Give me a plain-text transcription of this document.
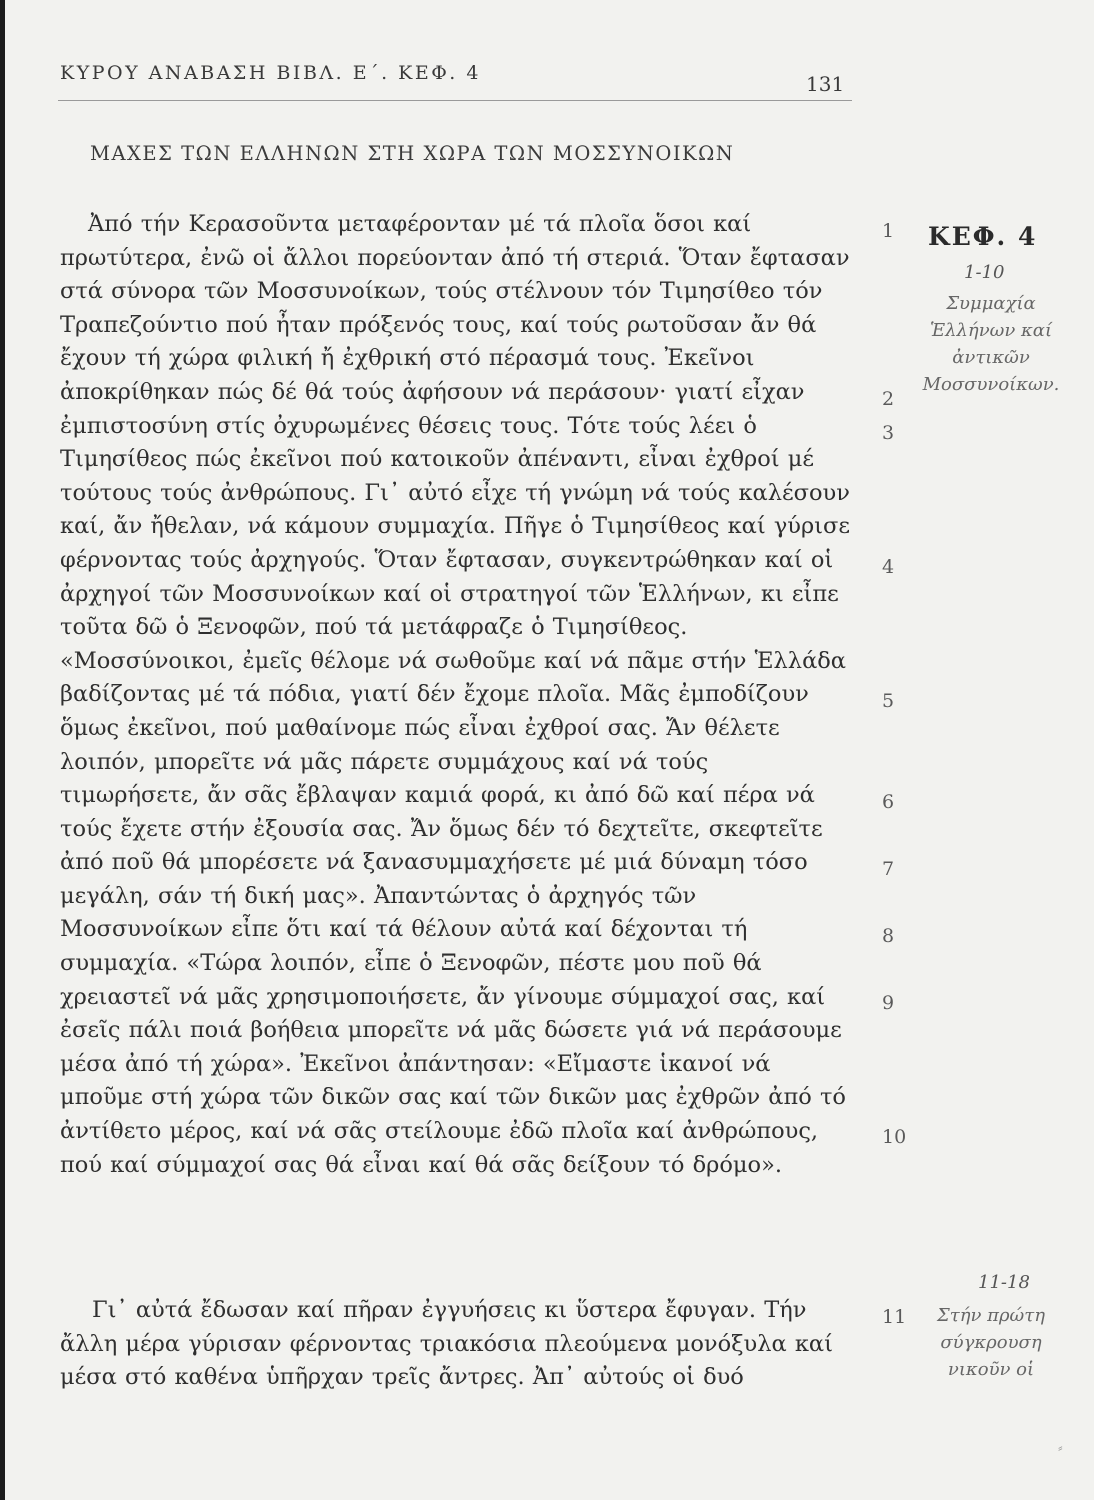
ΚΥΡΟΥ ΑΝΑΒΑΣΗ ΒΙΒΛ. Ε΄. ΚΕΦ. 4	131
ΜΑΧΕΣ ΤΩΝ ΕΛΛΗΝΩΝ ΣΤΗ ΧΩΡΑ ΤΩΝ ΜΟΣΣΥΝΟΙΚΩΝ

Ἀπό τήν Κερασοῦντα μεταφέρονταν μέ τά πλοῖα ὅσοι καί πρωτύτερα, ἐνῶ οἱ ἄλλοι πορεύονταν ἀπό τή στεριά. Ὅταν ἔφτασαν στά σύνορα τῶν Μοσσυνοίκων, τούς στέλνουν τόν Τιμησίθεο τόν Τραπεζούντιο πού ἦταν πρόξενός τους, καί τούς ρωτοῦσαν ἄν θά ἔχουν τή χώρα φιλική ἤ ἐχθρική στό πέρασμά τους. Ἐκεῖνοι ἀποκρίθηκαν πώς δέ θά τούς ἀφήσουν νά περάσουν· γιατί εἶχαν ἐμπιστοσύνη στίς ὀχυρωμένες θέσεις τους. Τότε τούς λέει ὁ Τιμησίθεος πώς ἐκεῖνοι πού κατοικοῦν ἀπέναντι, εἶναι ἐχθροί μέ τούτους τούς ἀνθρώπους. Γι᾽ αὐτό εἶχε τή γνώμη νά τούς καλέσουν καί, ἄν ἤθελαν, νά κάμουν συμμαχία. Πῆγε ὁ Τιμησίθεος καί γύρισε φέρνοντας τούς ἀρχηγούς. Ὅταν ἔφτασαν, συγκεντρώθηκαν καί οἱ ἀρχηγοί τῶν Μοσσυνοίκων καί οἱ στρατηγοί τῶν Ἑλλήνων, κι εἶπε τοῦτα δῶ ὁ Ξενοφῶν, πού τά μετάφραζε ὁ Τιμησίθεος. «Μοσσύνοικοι, ἐμεῖς θέλομε νά σωθοῦμε καί νά πᾶμε στήν Ἑλλάδα βαδίζοντας μέ τά πόδια, γιατί δέν ἔχομε πλοῖα. Μᾶς ἐμποδίζουν ὅμως ἐκεῖνοι, πού μαθαίνομε πώς εἶναι ἐχθροί σας. Ἄν θέλετε λοιπόν, μπορεῖτε νά μᾶς πάρετε συμμάχους καί νά τούς τιμωρήσετε, ἄν σᾶς ἔβλαψαν καμιά φορά, κι ἀπό δῶ καί πέρα νά τούς ἔχετε στήν ἐξουσία σας. Ἄν ὅμως δέν τό δεχτεῖτε, σκεφτεῖτε ἀπό ποῦ θά μπορέσετε νά ξανασυμμαχήσετε μέ μιά δύναμη τόσο μεγάλη, σάν τή δική μας». Ἀπαντώντας ὁ ἀρχηγός τῶν Μοσσυνοίκων εἶπε ὅτι καί τά θέλουν αὐτά καί δέχονται τή συμμαχία. «Τώρα λοιπόν, εἶπε ὁ Ξενοφῶν, πέστε μου ποῦ θά χρειαστεῖ νά μᾶς χρησιμοποιήσετε, ἄν γίνουμε σύμμαχοί σας, καί ἐσεῖς πάλι ποιά βοήθεια μπορεῖτε νά μᾶς δώσετε γιά νά περάσουμε μέσα ἀπό τή χώρα». Ἐκεῖνοι ἀπάντησαν: «Εἴμαστε ἱκανοί νά μποῦμε στή χώρα τῶν δικῶν σας καί τῶν δικῶν μας ἐχθρῶν ἀπό τό ἀντίθετο μέρος, καί νά σᾶς στείλουμε ἐδῶ πλοῖα καί ἀνθρώπους, πού καί σύμμαχοί σας θά εἶναι καί θά σᾶς δείξουν τό δρόμο».

Γι᾽ αὐτά ἔδωσαν καί πῆραν ἐγγυήσεις κι ὕστερα ἔφυγαν. Τήν ἄλλη μέρα γύρισαν φέρνοντας τριακόσια πλεούμενα μονόξυλα καί μέσα στό καθένα ὑπῆρχαν τρεῖς ἄντρες. Ἀπ᾽ αὐτούς οἱ δυό

1
2
3
4
5
6
7
8
9
10
11
ΚΕΦ. 4
1-10
Συμμαχία Ἑλλήνων καί ἀντικῶν Μοσσυνοίκων.
11-18
Στήν πρώτη σύγκρουση νικοῦν οἱ
⸗
